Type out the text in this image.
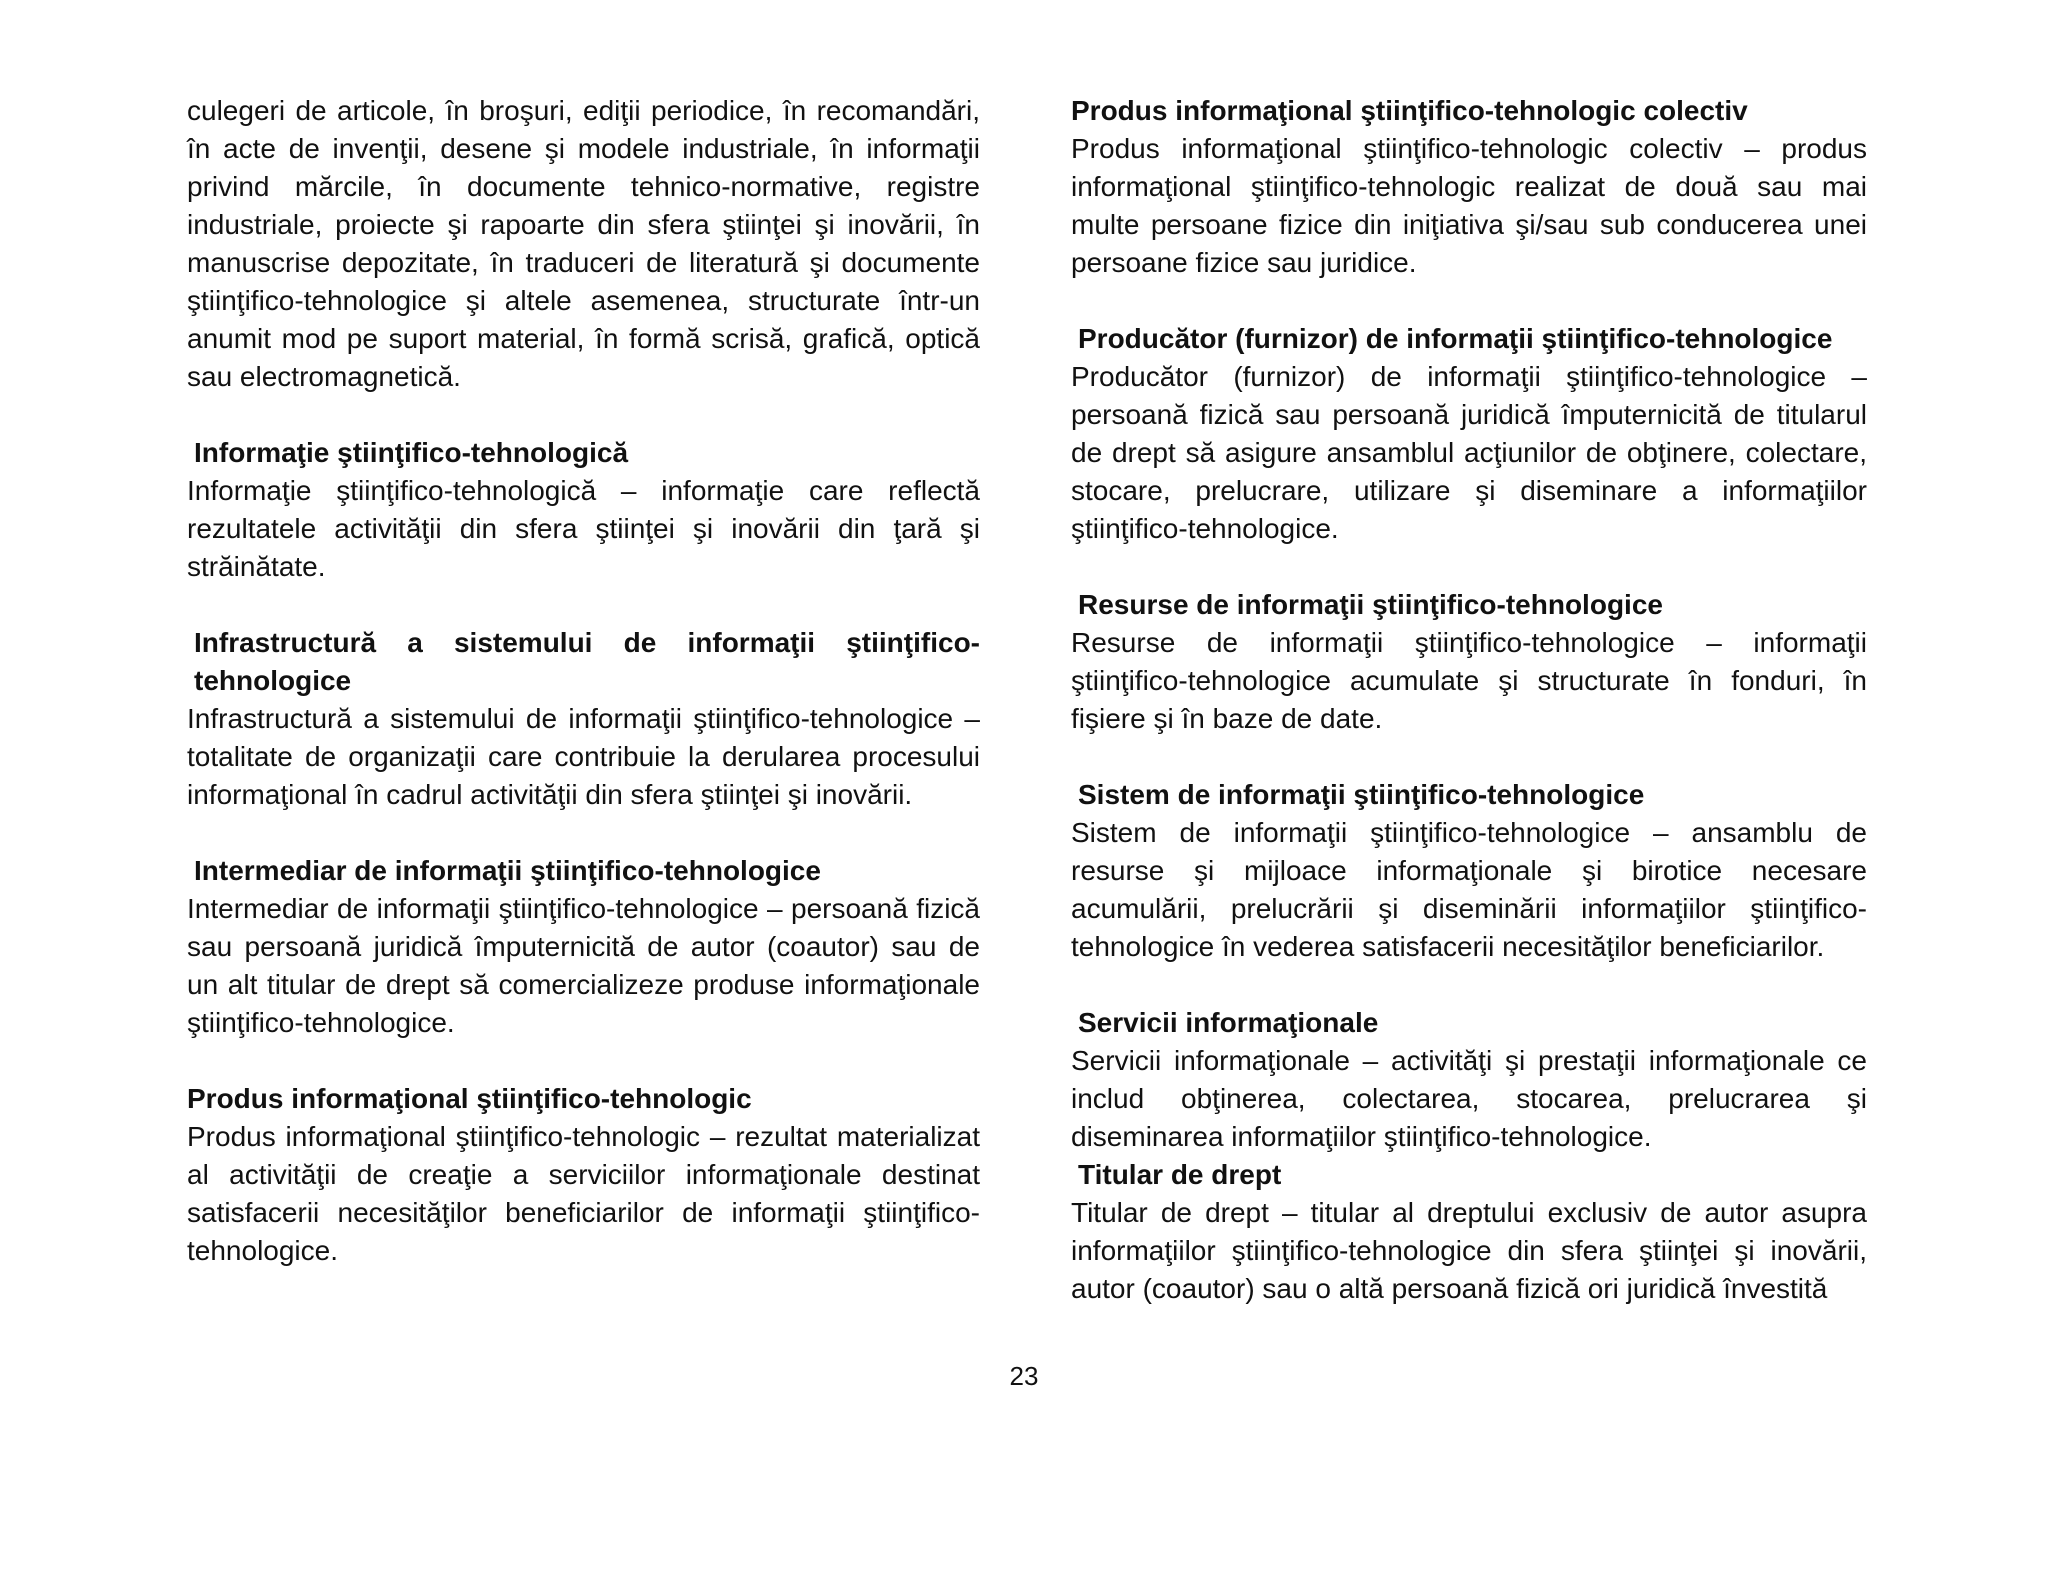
culegeri de articole, în broşuri, ediţii periodice, în recomandări, în acte de invenţii, desene şi modele industriale, în informaţii privind mărcile, în documente tehnico-normative, registre industriale, proiecte şi rapoarte din sfera ştiinţei şi inovării, în manuscrise depozitate, în traduceri de literatură şi documente ştiinţifico-tehnologice şi altele asemenea, structurate într-un anumit mod pe suport material, în formă scrisă, grafică, optică sau electromagnetică.

Informaţie ştiinţifico-tehnologică

Informaţie ştiinţifico-tehnologică – informaţie care reflectă rezultatele activităţii din sfera ştiinţei şi inovării din ţară şi străinătate.

Infrastructură a sistemului de informaţii ştiinţifico-tehnologice

Infrastructură a sistemului de informaţii ştiinţifico-tehnologice – totalitate de organizaţii care contribuie la derularea procesului informaţional în cadrul activităţii din sfera ştiinţei şi inovării.

Intermediar de informaţii ştiinţifico-tehnologice

Intermediar de informaţii ştiinţifico-tehnologice – persoană fizică sau persoană juridică împuternicită de autor (coautor) sau de un alt titular de drept să comercializeze produse informaţionale ştiinţifico-tehnologice.

Produs informaţional ştiinţifico-tehnologic

Produs informaţional ştiinţifico-tehnologic – rezultat materializat al activităţii de creaţie a serviciilor informaţionale destinat satisfacerii necesităţilor beneficiarilor de informaţii ştiinţifico-tehnologice.

Produs informaţional ştiinţifico-tehnologic colectiv

Produs informaţional ştiinţifico-tehnologic colectiv – produs informaţional ştiinţifico-tehnologic realizat de două sau mai multe persoane fizice din iniţiativa şi/sau sub conducerea unei persoane fizice sau juridice.

Producător (furnizor) de informaţii ştiinţifico-tehnologice

Producător (furnizor) de informaţii ştiinţifico-tehnologice – persoană fizică sau persoană juridică împuternicită de titularul de drept să asigure ansamblul acţiunilor de obţinere, colectare, stocare, prelucrare, utilizare şi diseminare a informaţiilor ştiinţifico-tehnologice.

Resurse de informaţii ştiinţifico-tehnologice

Resurse de informaţii ştiinţifico-tehnologice – informaţii ştiinţifico-tehnologice acumulate şi structurate în fonduri, în fişiere şi în baze de date.

Sistem de informaţii ştiinţifico-tehnologice

Sistem de informaţii ştiinţifico-tehnologice – ansamblu de resurse şi mijloace informaţionale şi birotice necesare acumulării, prelucrării şi diseminării informaţiilor ştiinţifico-tehnologice în vederea satisfacerii necesităţilor beneficiarilor.

Servicii informaţionale

Servicii informaţionale – activităţi şi prestaţii informaţionale ce includ obţinerea, colectarea, stocarea, prelucrarea şi diseminarea informaţiilor ştiinţifico-tehnologice.

Titular de drept

Titular de drept – titular al dreptului exclusiv de autor asupra informaţiilor ştiinţifico-tehnologice din sfera ştiinţei şi inovării, autor (coautor) sau o altă persoană fizică ori juridică învestită

23
